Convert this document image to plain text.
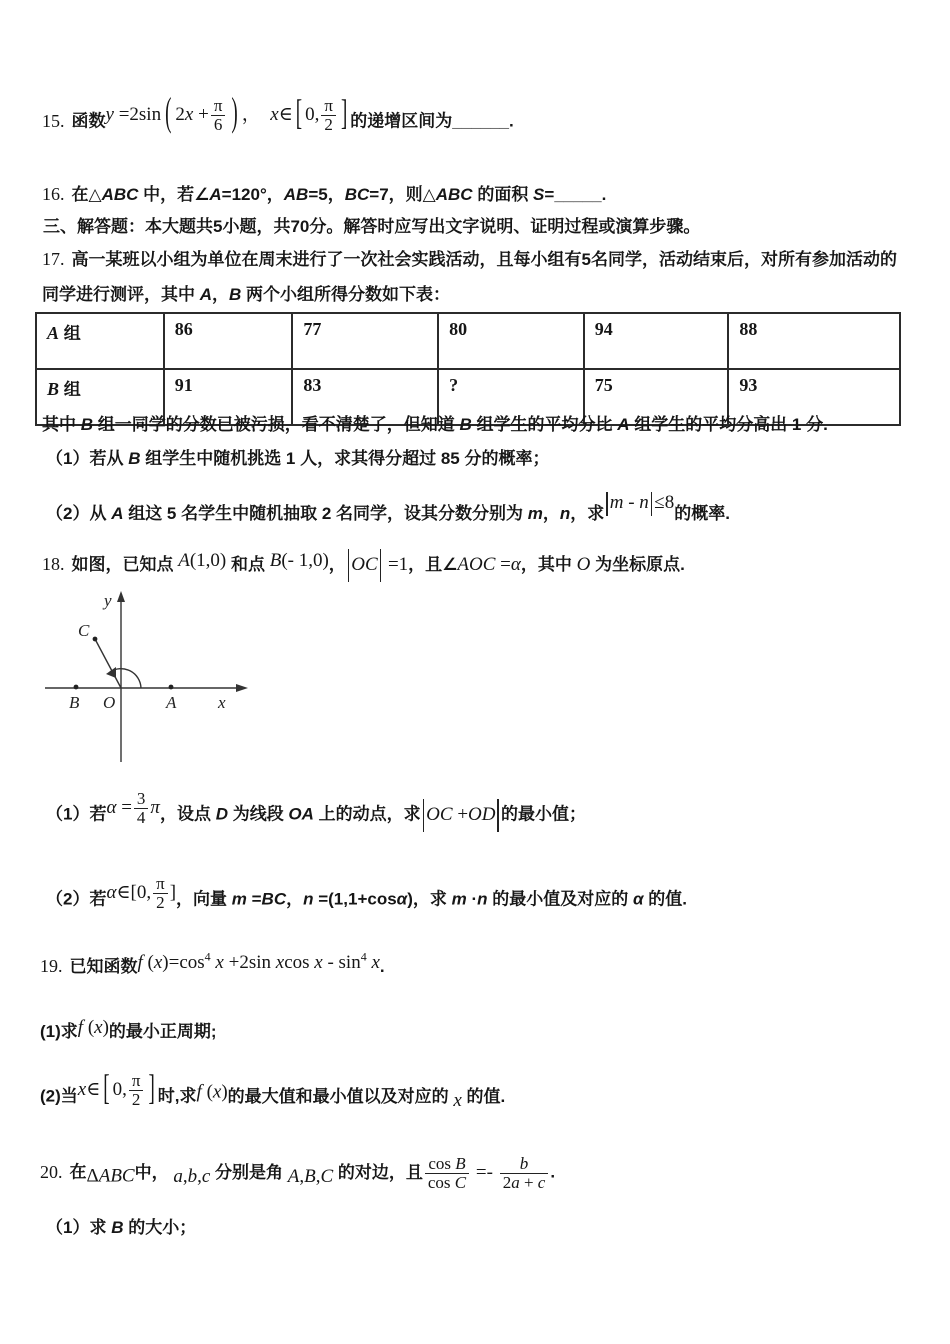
15. 函数y =2sin ( $2x + \frac{\pi}{6}$ ) ，  x∈ [ 0, $\frac{\pi}{2}$ ] 的递增区间为______.
16. 在△ABC 中，若∠A=120°，AB=5，BC=7，则△ABC 的面积 S=_____.
三、解答题：本大题共5小题，共70分。解答时应写出文字说明、证明过程或演算步骤。
17. 高一某班以小组为单位在周末进行了一次社会实践活动，且每小组有5名同学，活动结束后，对所有参加活动的
同学进行测评，其中 A，B 两个小组所得分数如下表：
A 组	86	77	80	94	88
B 组	91	83	?	75	93
其中 B 组一同学的分数已被污损，看不清楚了，但知道 B 组学生的平均分比 A 组学生的平均分高出 1 分.
（1）若从 B 组学生中随机挑选 1 人，求其得分超过 85 分的概率；
（2）从 A 组这 5 名学生中随机抽取 2 名同学，设其分数分别为 m，n，求m - n ≤8的概率.
18. 如图，已知点 A(1,0) 和点 B(- 1,0)， OC =1，且∠AOC =α，其中 O 为坐标原点.
y
x
B O	A
C
（1）若$\alpha = \frac{3}{4}$ π，设点 D 为线段 OA 上的动点，求 OC +OD 的最小值；
（2）若α∈[0, $\frac{\pi}{2}$ ]，向量 m =BC，n =(1,1+cosα)，求 m ·n 的最小值及对应的 α 的值.
19. 已知函数f $(x)=\cos^4$ x +2sin xcos x - $\sin^4 x$.
(1)求f (x)的最小正周期;
(2)当x∈ [ 0, $\frac{\pi}{2}$ ] 时,求f (x)的最大值和最小值以及对应的 x 的值.
20. 在ΔABC中， a,b,c 分别是角 A,B,C 的对边，且 $\frac{\text{cos B}}{\text{cos C}} =- \frac{b}{2a + c}$ .
（1）求 B 的大小；
